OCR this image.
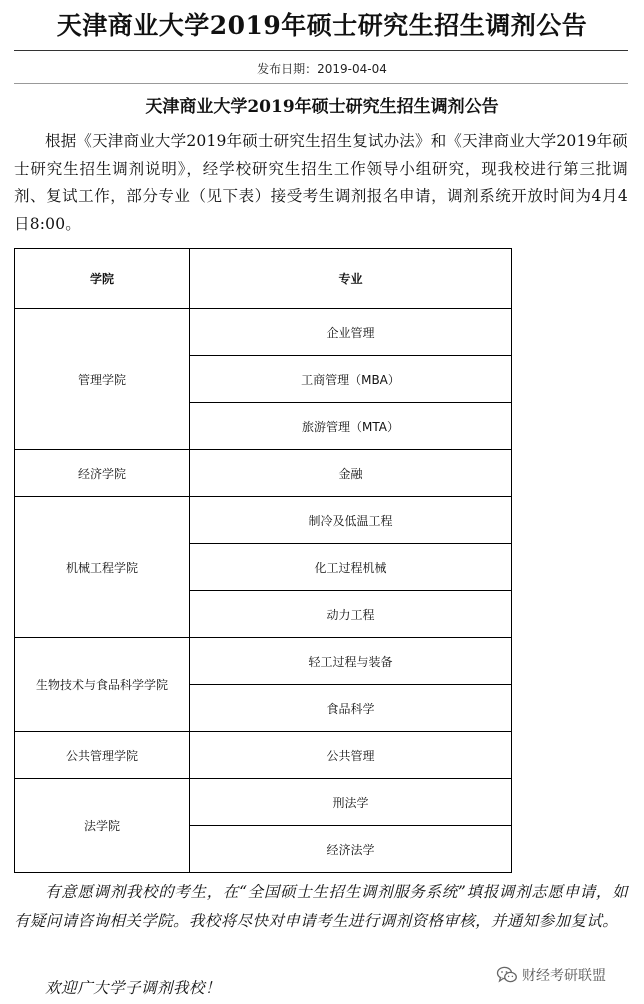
天津商业大学2019年硕士研究生招生调剂公告
发布日期：2019-04-04
天津商业大学2019年硕士研究生招生调剂公告

根据《天津商业大学2019年硕士研究生招生复试办法》和《天津商业大学2019年硕士研究生招生调剂说明》，经学校研究生招生工作领导小组研究，现我校进行第三批调剂、复试工作，部分专业（见下表）接受考生调剂报名申请，调剂系统开放时间为4月4日8:00。

学院	专业
管理学院	企业管理
	工商管理（MBA）
	旅游管理（MTA）
经济学院	金融
机械工程学院	制冷及低温工程
	化工过程机械
	动力工程
生物技术与食品科学学院	轻工过程与装备
	食品科学
公共管理学院	公共管理
法学院	刑法学
	经济法学

有意愿调剂我校的考生，在“全国硕士生招生调剂服务系统”填报调剂志愿申请，如有疑问请咨询相关学院。我校将尽快对申请考生进行调剂资格审核，并通知参加复试。

欢迎广大学子调剂我校！
财经考研联盟
